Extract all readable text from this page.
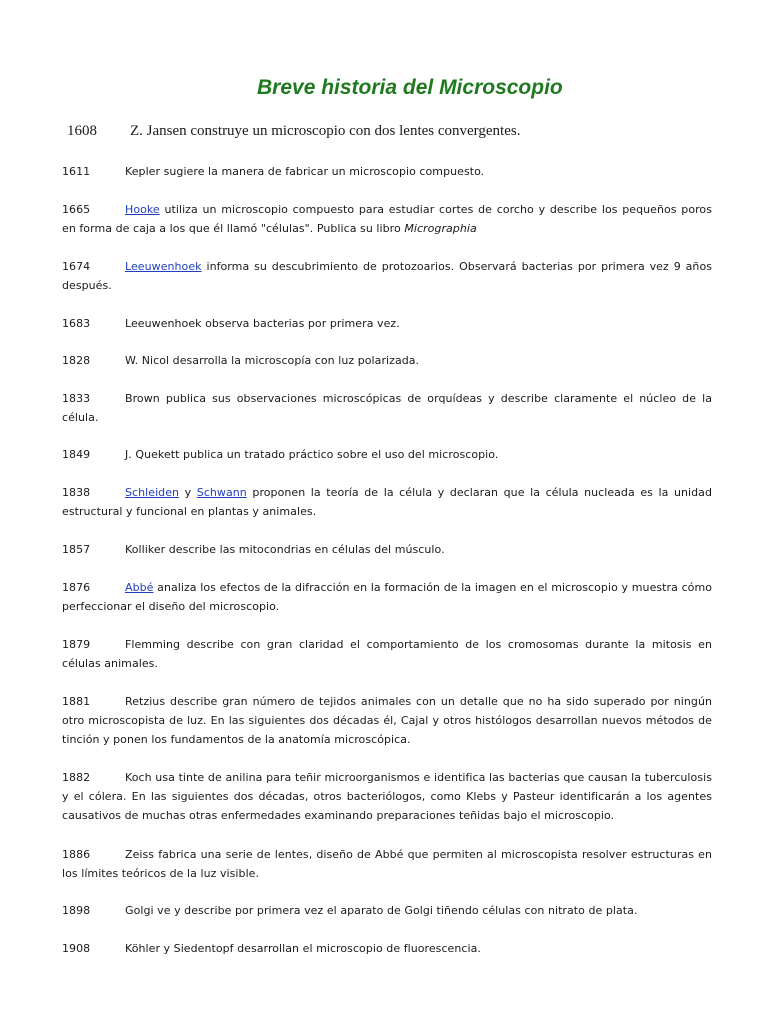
Breve historia del Microscopio
1608 Z. Jansen construye un microscopio con dos lentes convergentes.
1611	Kepler sugiere la manera de fabricar un microscopio compuesto.
1665	Hooke utiliza un microscopio compuesto para estudiar cortes de corcho y describe los pequeños poros en forma de caja a los que él llamó "células". Publica su libro Micrographia
1674	Leeuwenhoek informa su descubrimiento de protozoarios. Observará bacterias por primera vez 9 años después.
1683	Leeuwenhoek observa bacterias por primera vez.
1828	W. Nicol desarrolla la microscopía con luz polarizada.
1833	Brown publica sus observaciones microscópicas de orquídeas y describe claramente el núcleo de la célula.
1849	J. Quekett publica un tratado práctico sobre el uso del microscopio.
1838	Schleiden y Schwann proponen la teoría de la célula y declaran que la célula nucleada es la unidad estructural y funcional en plantas y animales.
1857	Kolliker describe las mitocondrias en células del músculo.
1876	Abbé analiza los efectos de la difracción en la formación de la imagen en el microscopio y muestra cómo perfeccionar el diseño del microscopio.
1879	Flemming describe con gran claridad el comportamiento de los cromosomas durante la mitosis en células animales.
1881	Retzius describe gran número de tejidos animales con un detalle que no ha sido superado por ningún otro microscopista de luz. En las siguientes dos décadas él, Cajal y otros histólogos desarrollan nuevos métodos de tinción y ponen los fundamentos de la anatomía microscópica.
1882	Koch usa tinte de anilina para teñir microorganismos e identifica las bacterias que causan la tuberculosis y el cólera. En las siguientes dos décadas, otros bacteriólogos, como Klebs y Pasteur identificarán a los agentes causativos de muchas otras enfermedades examinando preparaciones teñidas bajo el microscopio.
1886	Zeiss fabrica una serie de lentes, diseño de Abbé que permiten al microscopista resolver estructuras en los límites teóricos de la luz visible.
1898	Golgi ve y describe por primera vez el aparato de Golgi tiñendo células con nitrato de plata.
1908	Köhler y Siedentopf desarrollan el microscopio de fluorescencia.
